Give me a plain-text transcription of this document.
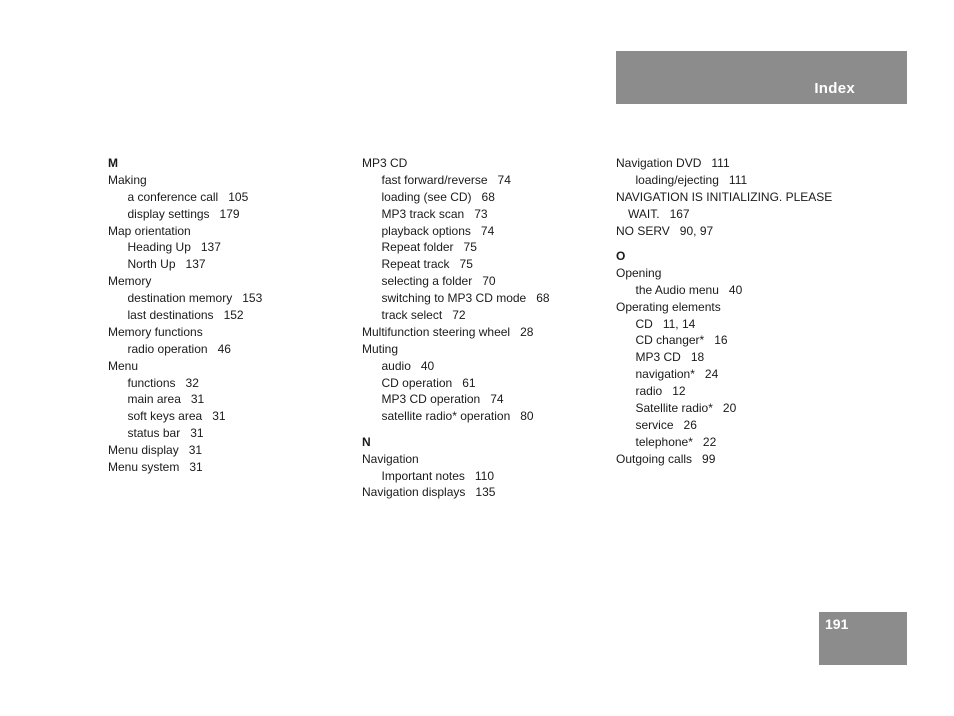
Index
M
Making
a conference call 105
display settings 179
Map orientation
Heading Up 137
North Up 137
Memory
destination memory 153
last destinations 152
Memory functions
radio operation 46
Menu
functions 32
main area 31
soft keys area 31
status bar 31
Menu display 31
Menu system 31
MP3 CD
fast forward/reverse 74
loading (see CD) 68
MP3 track scan 73
playback options 74
Repeat folder 75
Repeat track 75
selecting a folder 70
switching to MP3 CD mode 68
track select 72
Multifunction steering wheel 28
Muting
audio 40
CD operation 61
MP3 CD operation 74
satellite radio* operation 80
N
Navigation
Important notes 110
Navigation displays 135
Navigation DVD 111
loading/ejecting 111
NAVIGATION IS INITIALIZING. PLEASE
WAIT. 167
NO SERV 90, 97
O
Opening
the Audio menu 40
Operating elements
CD 11, 14
CD changer* 16
MP3 CD 18
navigation* 24
radio 12
Satellite radio* 20
service 26
telephone* 22
Outgoing calls 99
191
